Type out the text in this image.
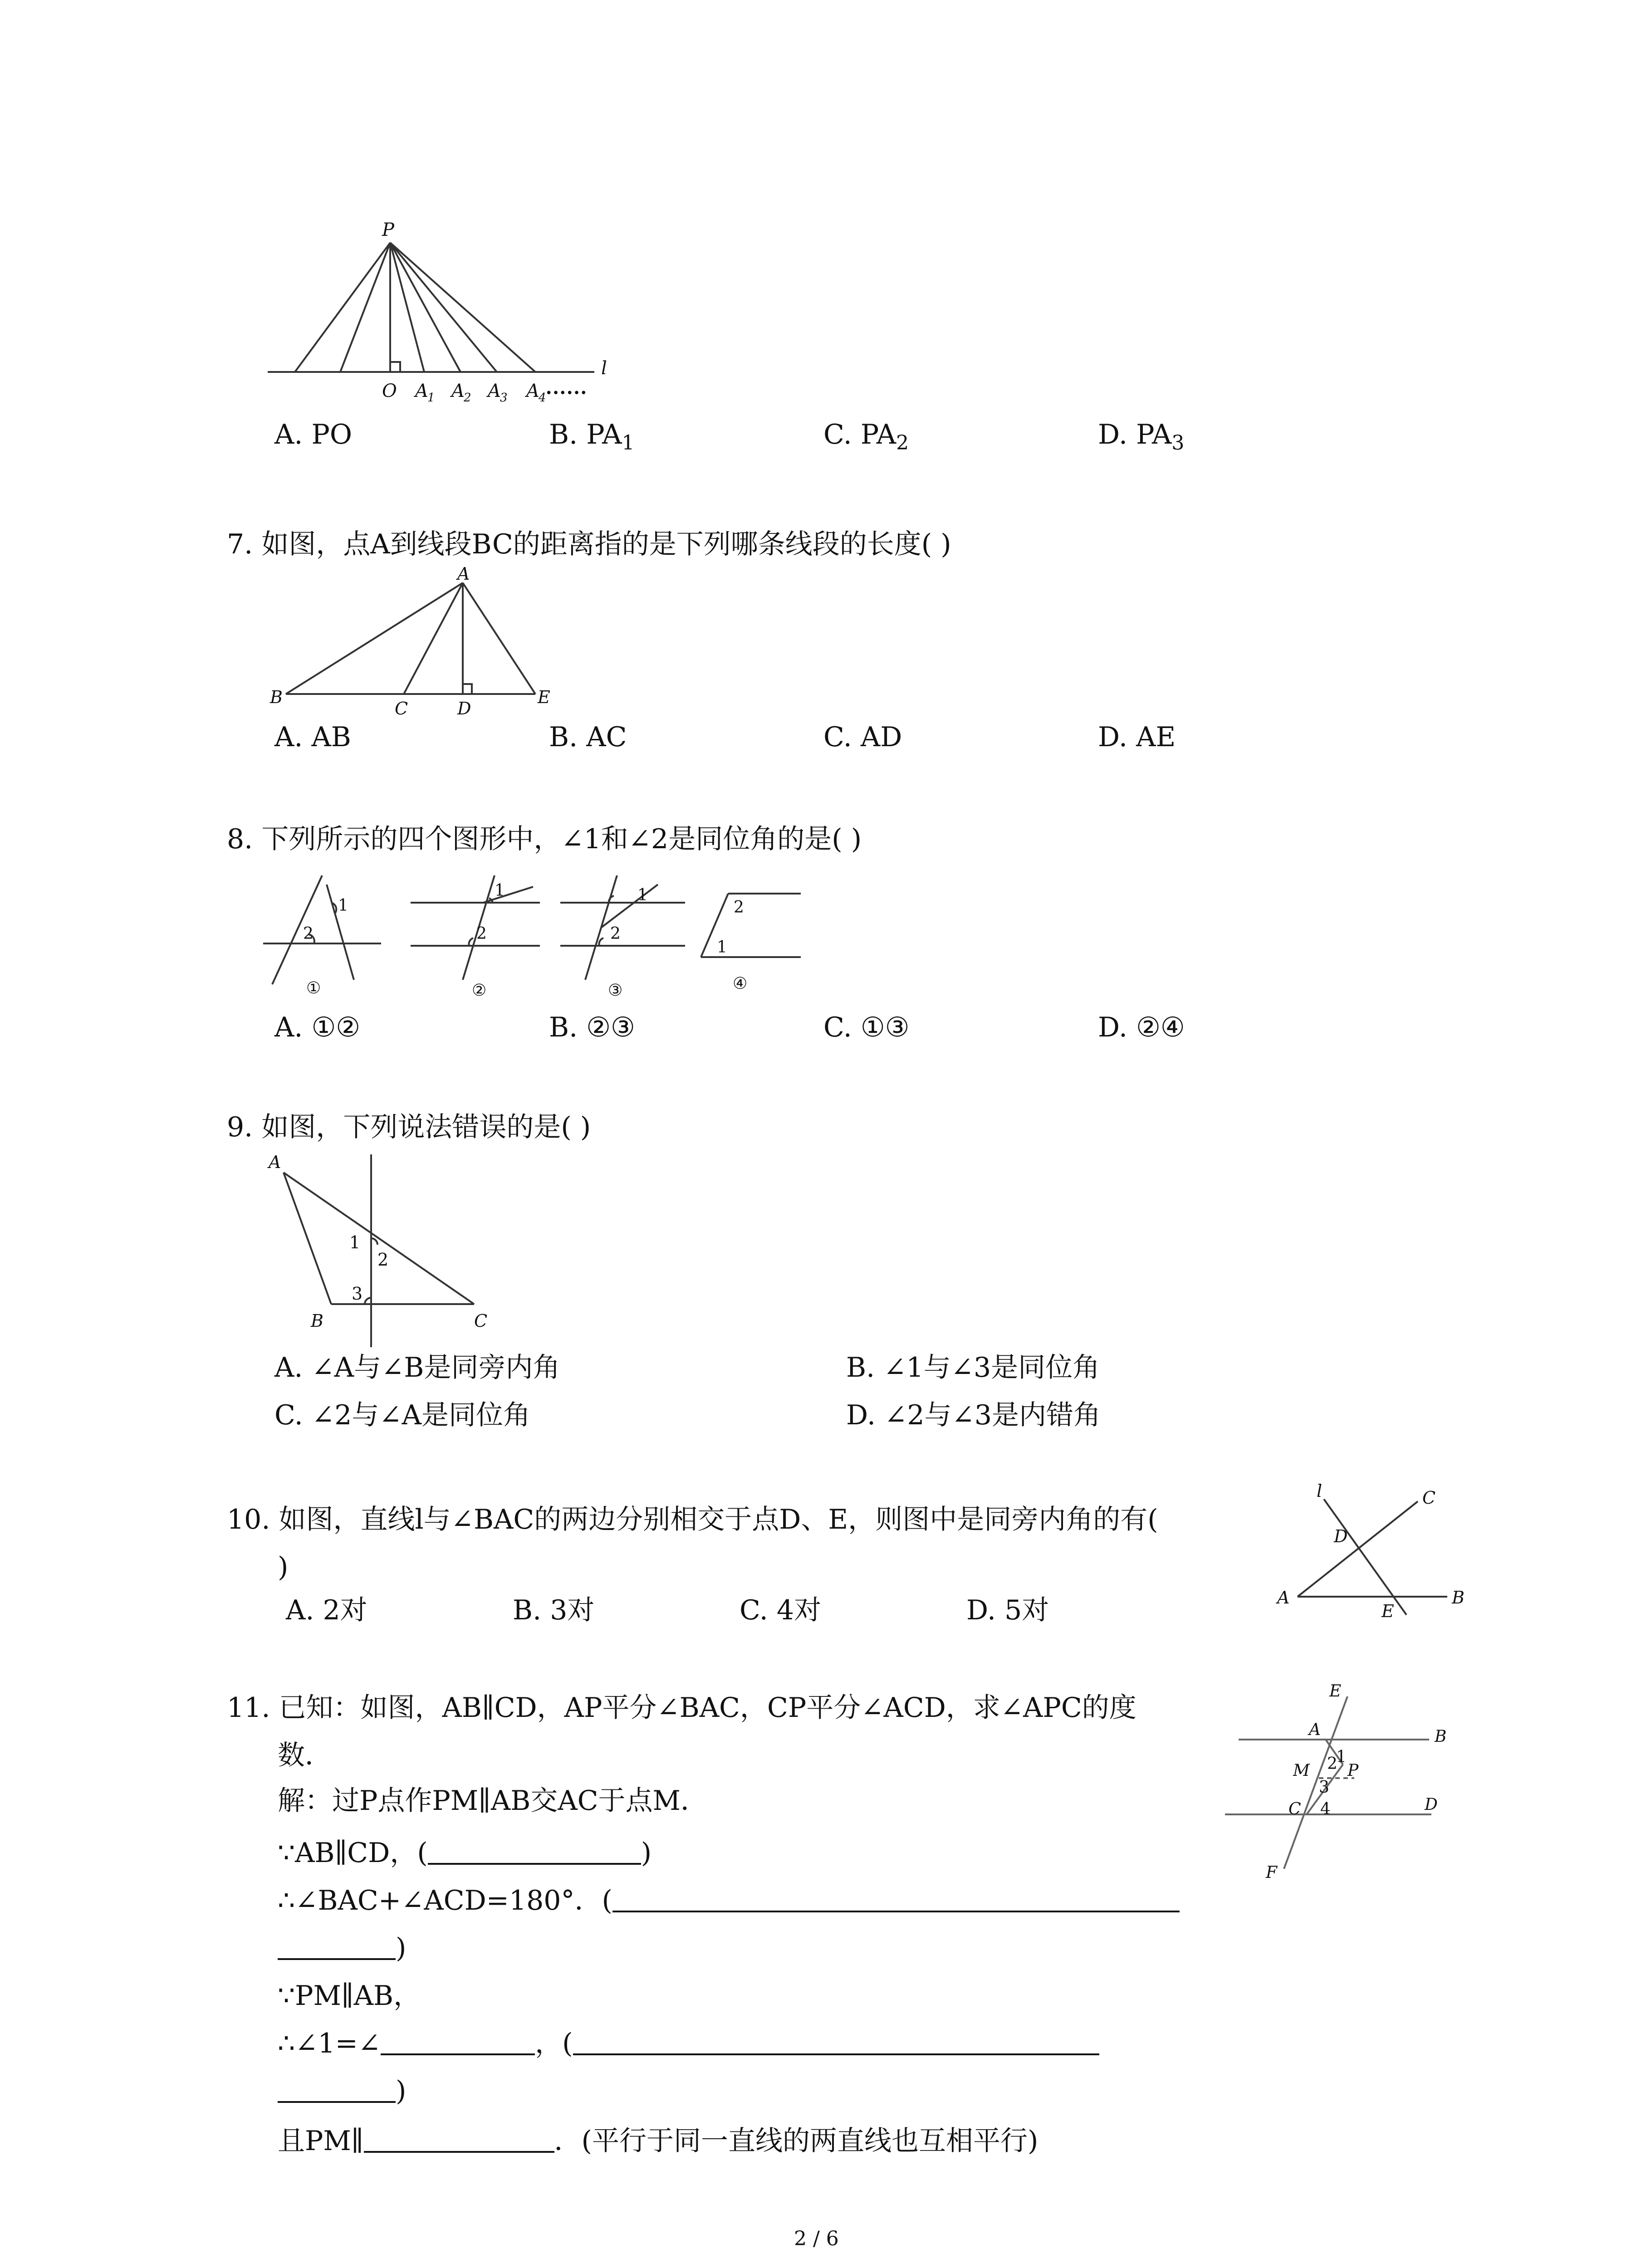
P
l
O A
1 A
2 A
3 A
4
••••••
A. PO	B. $PA_1$	C. $PA_2$	D. $PA_3$
7. 如图，点A到线段BC的距离指的是下列哪条线段的长度( )
A
B
C	D
E
A. AB	B. AC	C. AD	D. AE
8. 下列所示的四个图形中，∠1和∠2是同位角的是( )
1
2
①
1
2
②
1
2
③
2
1
④
A. ①②	B. ②③	C. ①③	D. ②④
9. 如图，下列说法错误的是( )
A
1
2
3
B	C
A. ∠A与∠B是同旁内角	B. ∠1与∠3是同位角
C. ∠2与∠A是同位角	D. ∠2与∠3是内错角
10. 如图，直线l与∠BAC的两边分别相交于点D、E，则图中是同旁内角的有(
)
l	C
D
A
E
B
A. 2对	B. 3对	C. 4对	D. 5对
11. 已知：如图，AB∥CD，AP平分∠BAC，CP平分∠ACD，求∠APC的度
数．
解：过P点作PM∥AB交AC于点M．
∵AB∥CD，(	)
∴∠BAC+∠ACD=180°．(
)
∵PM∥AB，
∴∠1=∠	，(
)
且PM∥	．(平行于同一直线的两直线也互相平行)
E
A	B
M
1
2
3
P
4
C	D
F
2 / 6
